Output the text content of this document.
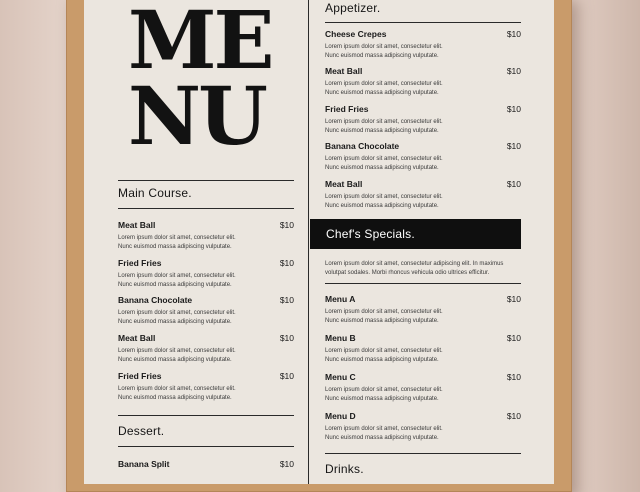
ME
NU
Main Course.
Meat Ball	$10
Lorem ipsum dolor sit amet, consectetur elit.
Nunc euismod massa adipiscing vulputate.
Fried Fries	$10
Lorem ipsum dolor sit amet, consectetur elit.
Nunc euismod massa adipiscing vulputate.
Banana Chocolate	$10
Lorem ipsum dolor sit amet, consectetur elit.
Nunc euismod massa adipiscing vulputate.
Meat Ball	$10
Lorem ipsum dolor sit amet, consectetur elit.
Nunc euismod massa adipiscing vulputate.
Fried Fries	$10
Lorem ipsum dolor sit amet, consectetur elit.
Nunc euismod massa adipiscing vulputate.
Dessert.
Banana Split	$10
Appetizer.
Cheese Crepes	$10
Lorem ipsum dolor sit amet, consectetur elit.
Nunc euismod massa adipiscing vulputate.
Meat Ball	$10
Lorem ipsum dolor sit amet, consectetur elit.
Nunc euismod massa adipiscing vulputate.
Fried Fries	$10
Lorem ipsum dolor sit amet, consectetur elit.
Nunc euismod massa adipiscing vulputate.
Banana Chocolate	$10
Lorem ipsum dolor sit amet, consectetur elit.
Nunc euismod massa adipiscing vulputate.
Meat Ball	$10
Lorem ipsum dolor sit amet, consectetur elit.
Nunc euismod massa adipiscing vulputate.
Chef's Specials.
Lorem ipsum dolor sit amet, consectetur adipiscing elit. In maximus
volutpat sodales. Morbi rhoncus vehicula odio ultrices efficitur.
Menu A	$10
Lorem ipsum dolor sit amet, consectetur elit.
Nunc euismod massa adipiscing vulputate.
Menu B	$10
Lorem ipsum dolor sit amet, consectetur elit.
Nunc euismod massa adipiscing vulputate.
Menu C	$10
Lorem ipsum dolor sit amet, consectetur elit.
Nunc euismod massa adipiscing vulputate.
Menu D	$10
Lorem ipsum dolor sit amet, consectetur elit.
Nunc euismod massa adipiscing vulputate.
Drinks.
